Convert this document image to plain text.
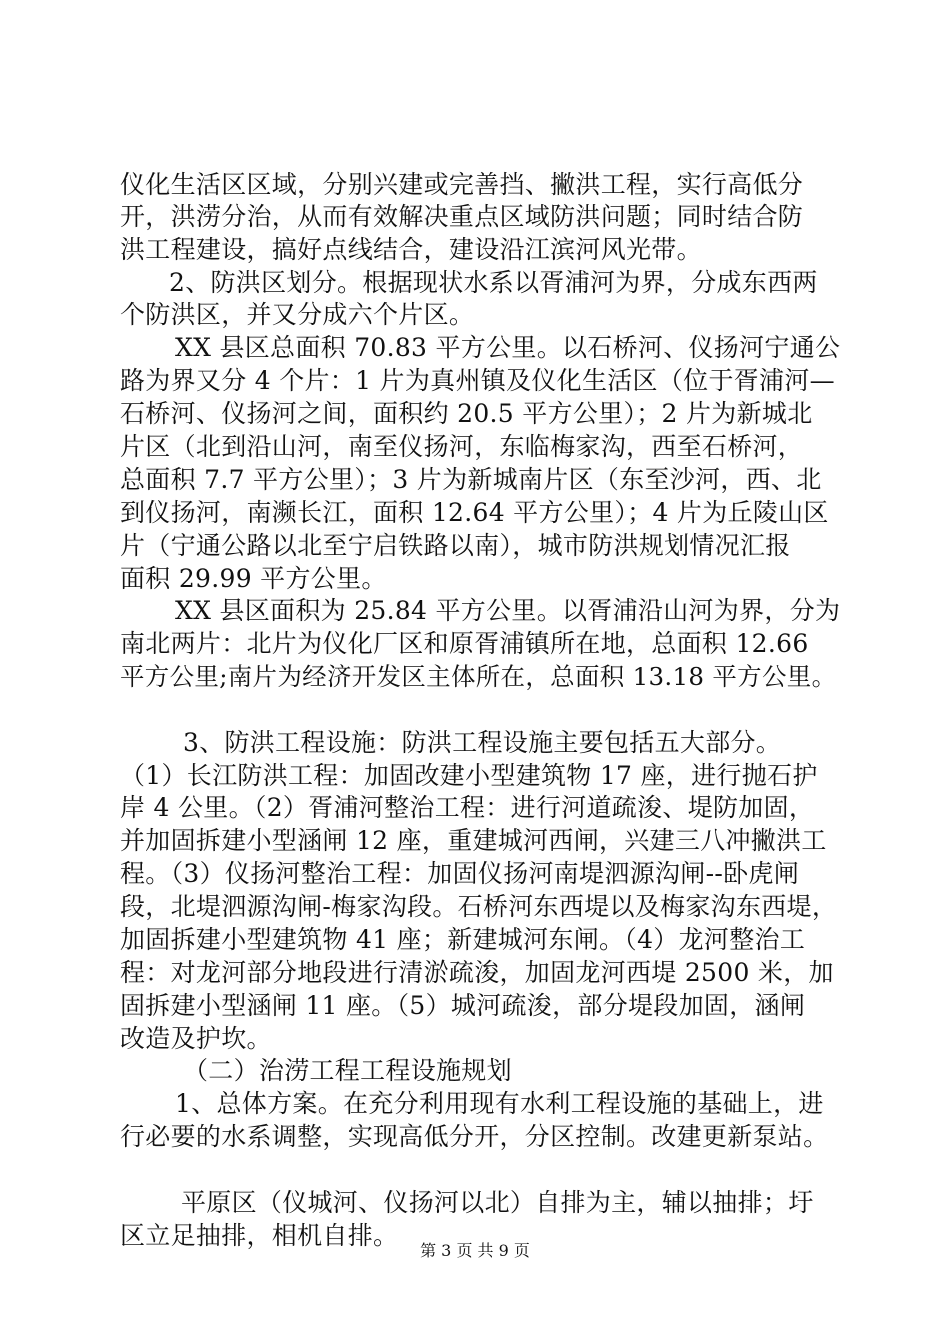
仪化生活区区域，分别兴建或完善挡、撇洪工程，实行高低分
开，洪涝分治，从而有效解决重点区域防洪问题；同时结合防
洪工程建设，搞好点线结合，建设沿江滨河风光带。
2、防洪区划分。根据现状水系以胥浦河为界，分成东西两
个防洪区，并又分成六个片区。
XX 县区总面积 70.83 平方公里。以石桥河、仪扬河宁通公
路为界又分 4 个片：1 片为真州镇及仪化生活区（位于胥浦河—
石桥河、仪扬河之间，面积约 20.5 平方公里）；2 片为新城北
片区（北到沿山河，南至仪扬河，东临梅家沟，西至石桥河，
总面积 7.7 平方公里）；3 片为新城南片区（东至沙河，西、北
到仪扬河，南濒长江，面积 12.64 平方公里）；4 片为丘陵山区
片（宁通公路以北至宁启铁路以南），城市防洪规划情况汇报
面积 29.99 平方公里。
XX 县区面积为 25.84 平方公里。以胥浦沿山河为界，分为
南北两片：北片为仪化厂区和原胥浦镇所在地，总面积 12.66
平方公里;南片为经济开发区主体所在，总面积 13.18 平方公里。
3、防洪工程设施：防洪工程设施主要包括五大部分。
（1）长江防洪工程：加固改建小型建筑物 17 座，进行抛石护
岸 4 公里。（2）胥浦河整治工程：进行河道疏浚、堤防加固，
并加固拆建小型涵闸 12 座，重建城河西闸，兴建三八冲撇洪工
程。（3）仪扬河整治工程：加固仪扬河南堤泗源沟闸--卧虎闸
段，北堤泗源沟闸-梅家沟段。石桥河东西堤以及梅家沟东西堤，
加固拆建小型建筑物 41 座；新建城河东闸。（4）龙河整治工
程：对龙河部分地段进行清淤疏浚，加固龙河西堤 2500 米，加
固拆建小型涵闸 11 座。（5）城河疏浚，部分堤段加固，涵闸
改造及护坎。
（二）治涝工程工程设施规划
1、总体方案。在充分利用现有水利工程设施的基础上，进
行必要的水系调整，实现高低分开，分区控制。改建更新泵站。
平原区（仪城河、仪扬河以北）自排为主，辅以抽排；圩
区立足抽排，相机自排。
第 3 页 共 9 页
